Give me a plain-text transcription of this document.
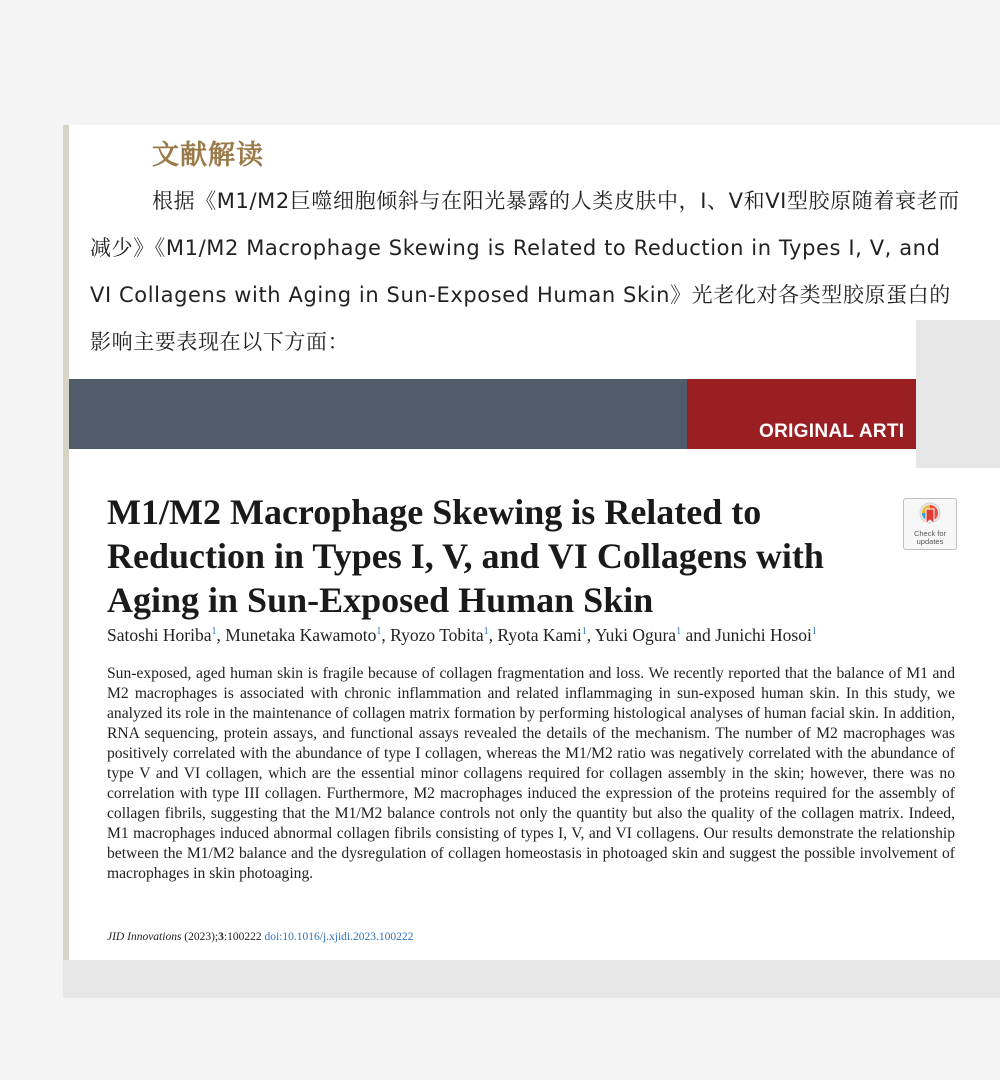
文献解读
根据《M1/M2巨噬细胞倾斜与在阳光暴露的人类皮肤中，I、V和VI型胶原随着衰老而减少》《M1/M2 Macrophage Skewing is Related to Reduction in Types I, V, and VI Collagens with Aging in Sun-Exposed Human Skin》光老化对各类型胶原蛋白的影响主要表现在以下方面：
ORIGINAL ARTI
M1/M2 Macrophage Skewing is Related to
Reduction in Types I, V, and VI Collagens with
Aging in Sun-Exposed Human Skin
Check for
updates
Satoshi Horiba$^1$, Munetaka Kawamoto$^1$, Ryozo Tobita$^1$, Ryota Kami$^1$, Yuki Ogura$^1$ and Junichi Hosoi$^1$

Sun-exposed, aged human skin is fragile because of collagen fragmentation and loss. We recently reported that the balance of M1 and M2 macrophages is associated with chronic inflammation and related inflammaging in sun-exposed human skin. In this study, we analyzed its role in the maintenance of collagen matrix formation by performing histological analyses of human facial skin. In addition, RNA sequencing, protein assays, and functional assays revealed the details of the mechanism. The number of M2 macrophages was positively correlated with the abundance of type I collagen, whereas the M1/M2 ratio was negatively correlated with the abundance of type V and VI collagen, which are the essential minor collagens required for collagen assembly in the skin; however, there was no correlation with type III collagen. Furthermore, M2 macrophages induced the expression of the proteins required for the assembly of collagen fibrils, suggesting that the M1/M2 balance controls not only the quantity but also the quality of the collagen matrix. Indeed, M1 macrophages induced abnormal collagen fibrils consisting of types I, V, and VI collagens. Our results demonstrate the relationship between the M1/M2 balance and the dysregulation of collagen homeostasis in photoaged skin and suggest the possible involvement of macrophages in skin photoaging.

JID Innovations (2023);3:100222 doi:10.1016/j.xjidi.2023.100222
